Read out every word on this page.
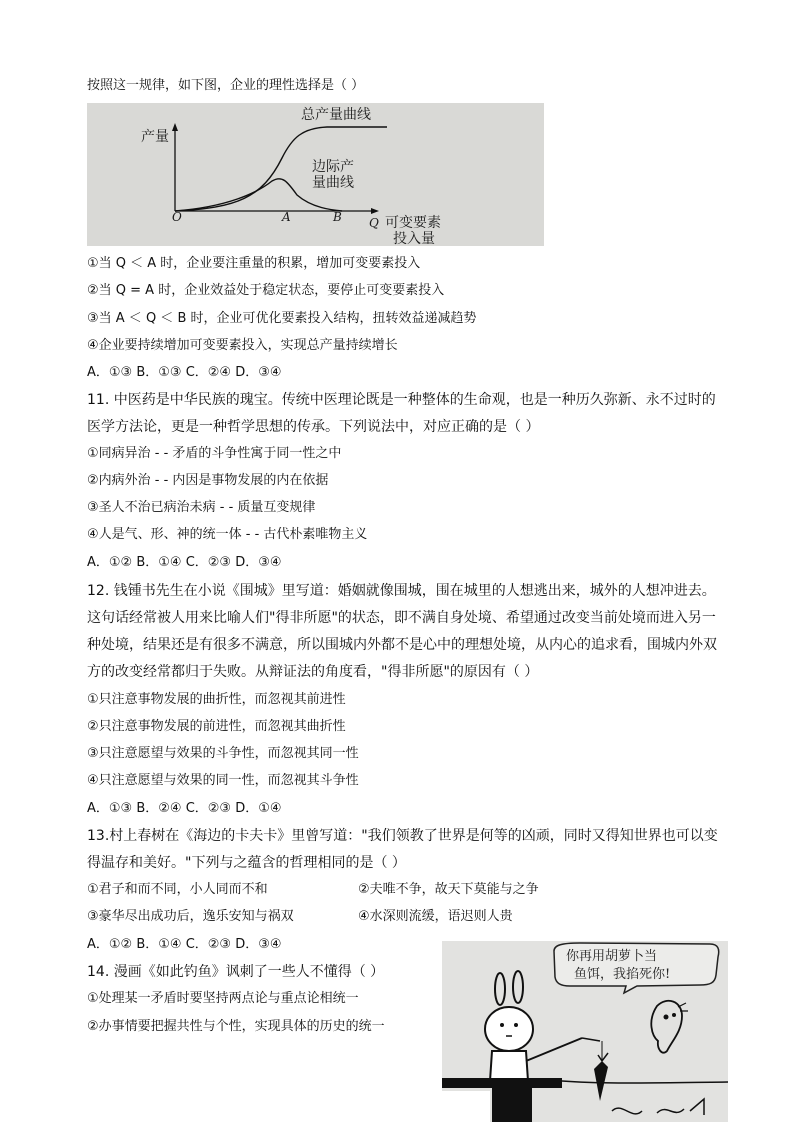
按照这一规律，如下图，企业的理性选择是（ ）
产量
总产量曲线
边际产
量曲线
O	A	B Q 可变要素
投入量
①当 Q ＜ A 时，企业要注重量的积累，增加可变要素投入
②当 Q = A 时，企业效益处于稳定状态，要停止可变要素投入
③当 A ＜ Q ＜ B 时，企业可优化要素投入结构，扭转效益递减趋势
④企业要持续增加可变要素投入，实现总产量持续增长
A．①③ B．①③ C．②④ D．③④
11. 中医药是中华民族的瑰宝。传统中医理论既是一种整体的生命观，也是一种历久弥新、永不过时的
医学方法论，更是一种哲学思想的传承。下列说法中，对应正确的是（ ）
①同病异治 - - 矛盾的斗争性寓于同一性之中
②内病外治 - - 内因是事物发展的内在依据
③圣人不治已病治未病 - - 质量互变规律
④人是气、形、神的统一体 - - 古代朴素唯物主义
A．①② B．①④ C．②③ D．③④
12. 钱锺书先生在小说《围城》里写道：婚姻就像围城，围在城里的人想逃出来，城外的人想冲进去。
这句话经常被人用来比喻人们"得非所愿"的状态，即不满自身处境、希望通过改变当前处境而进入另一
种处境，结果还是有很多不满意，所以围城内外都不是心中的理想处境，从内心的追求看，围城内外双
方的改变经常都归于失败。从辩证法的角度看，"得非所愿"的原因有（ ）
①只注意事物发展的曲折性，而忽视其前进性
②只注意事物发展的前进性，而忽视其曲折性
③只注意愿望与效果的斗争性，而忽视其同一性
④只注意愿望与效果的同一性，而忽视其斗争性
A．①③ B．②④ C．②③ D．①④
13.村上春树在《海边的卡夫卡》里曾写道："我们领教了世界是何等的凶顽，同时又得知世界也可以变
得温存和美好。"下列与之蕴含的哲理相同的是（ ）
①君子和而不同，小人同而不和	②夫唯不争，故天下莫能与之争
③豪华尽出成功后，逸乐安知与祸双	④水深则流缓，语迟则人贵
A．①② B．①④ C．②③ D．③④
14. 漫画《如此钓鱼》讽刺了一些人不懂得（ ）
①处理某一矛盾时要坚持两点论与重点论相统一
②办事情要把握共性与个性，实现具体的历史的统一
你再用胡萝卜当
鱼饵，我掐死你!
